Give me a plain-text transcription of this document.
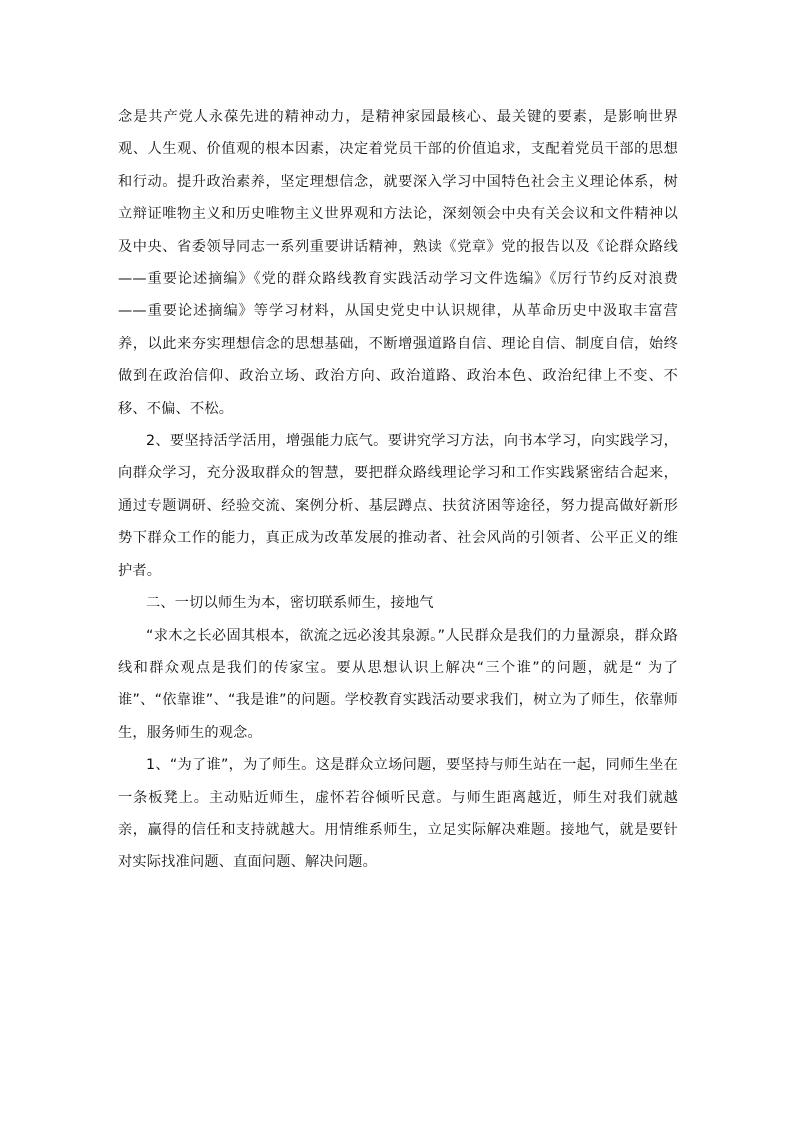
念是共产党人永葆先进的精神动力，是精神家园最核心、最关键的要素，是影响世界观、人生观、价值观的根本因素，决定着党员干部的价值追求，支配着党员干部的思想和行动。提升政治素养，坚定理想信念，就要深入学习中国特色社会主义理论体系，树立辩证唯物主义和历史唯物主义世界观和方法论，深刻领会中央有关会议和文件精神以及中央、省委领导同志一系列重要讲话精神，熟读《党章》党的报告以及《论群众路线——重要论述摘编》《党的群众路线教育实践活动学习文件选编》《厉行节约反对浪费——重要论述摘编》等学习材料，从国史党史中认识规律，从革命历史中汲取丰富营养，以此来夯实理想信念的思想基础，不断增强道路自信、理论自信、制度自信，始终做到在政治信仰、政治立场、政治方向、政治道路、政治本色、政治纪律上不变、不移、不偏、不松。

2、要坚持活学活用，增强能力底气。要讲究学习方法，向书本学习，向实践学习，向群众学习，充分汲取群众的智慧，要把群众路线理论学习和工作实践紧密结合起来，通过专题调研、经验交流、案例分析、基层蹲点、扶贫济困等途径，努力提高做好新形势下群众工作的能力，真正成为改革发展的推动者、社会风尚的引领者、公平正义的维护者。

二、一切以师生为本，密切联系师生，接地气

“求木之长必固其根本，欲流之远必浚其泉源。”人民群众是我们的力量源泉，群众路线和群众观点是我们的传家宝。要从思想认识上解决“三个谁”的问题，就是“ 为了谁”、“依靠谁”、“我是谁”的问题。学校教育实践活动要求我们，树立为了师生，依靠师生，服务师生的观念。

1、“为了谁”，为了师生。这是群众立场问题，要坚持与师生站在一起，同师生坐在一条板凳上。主动贴近师生，虚怀若谷倾听民意。与师生距离越近，师生对我们就越亲，赢得的信任和支持就越大。用情维系师生，立足实际解决难题。接地气，就是要针对实际找准问题、直面问题、解决问题。
